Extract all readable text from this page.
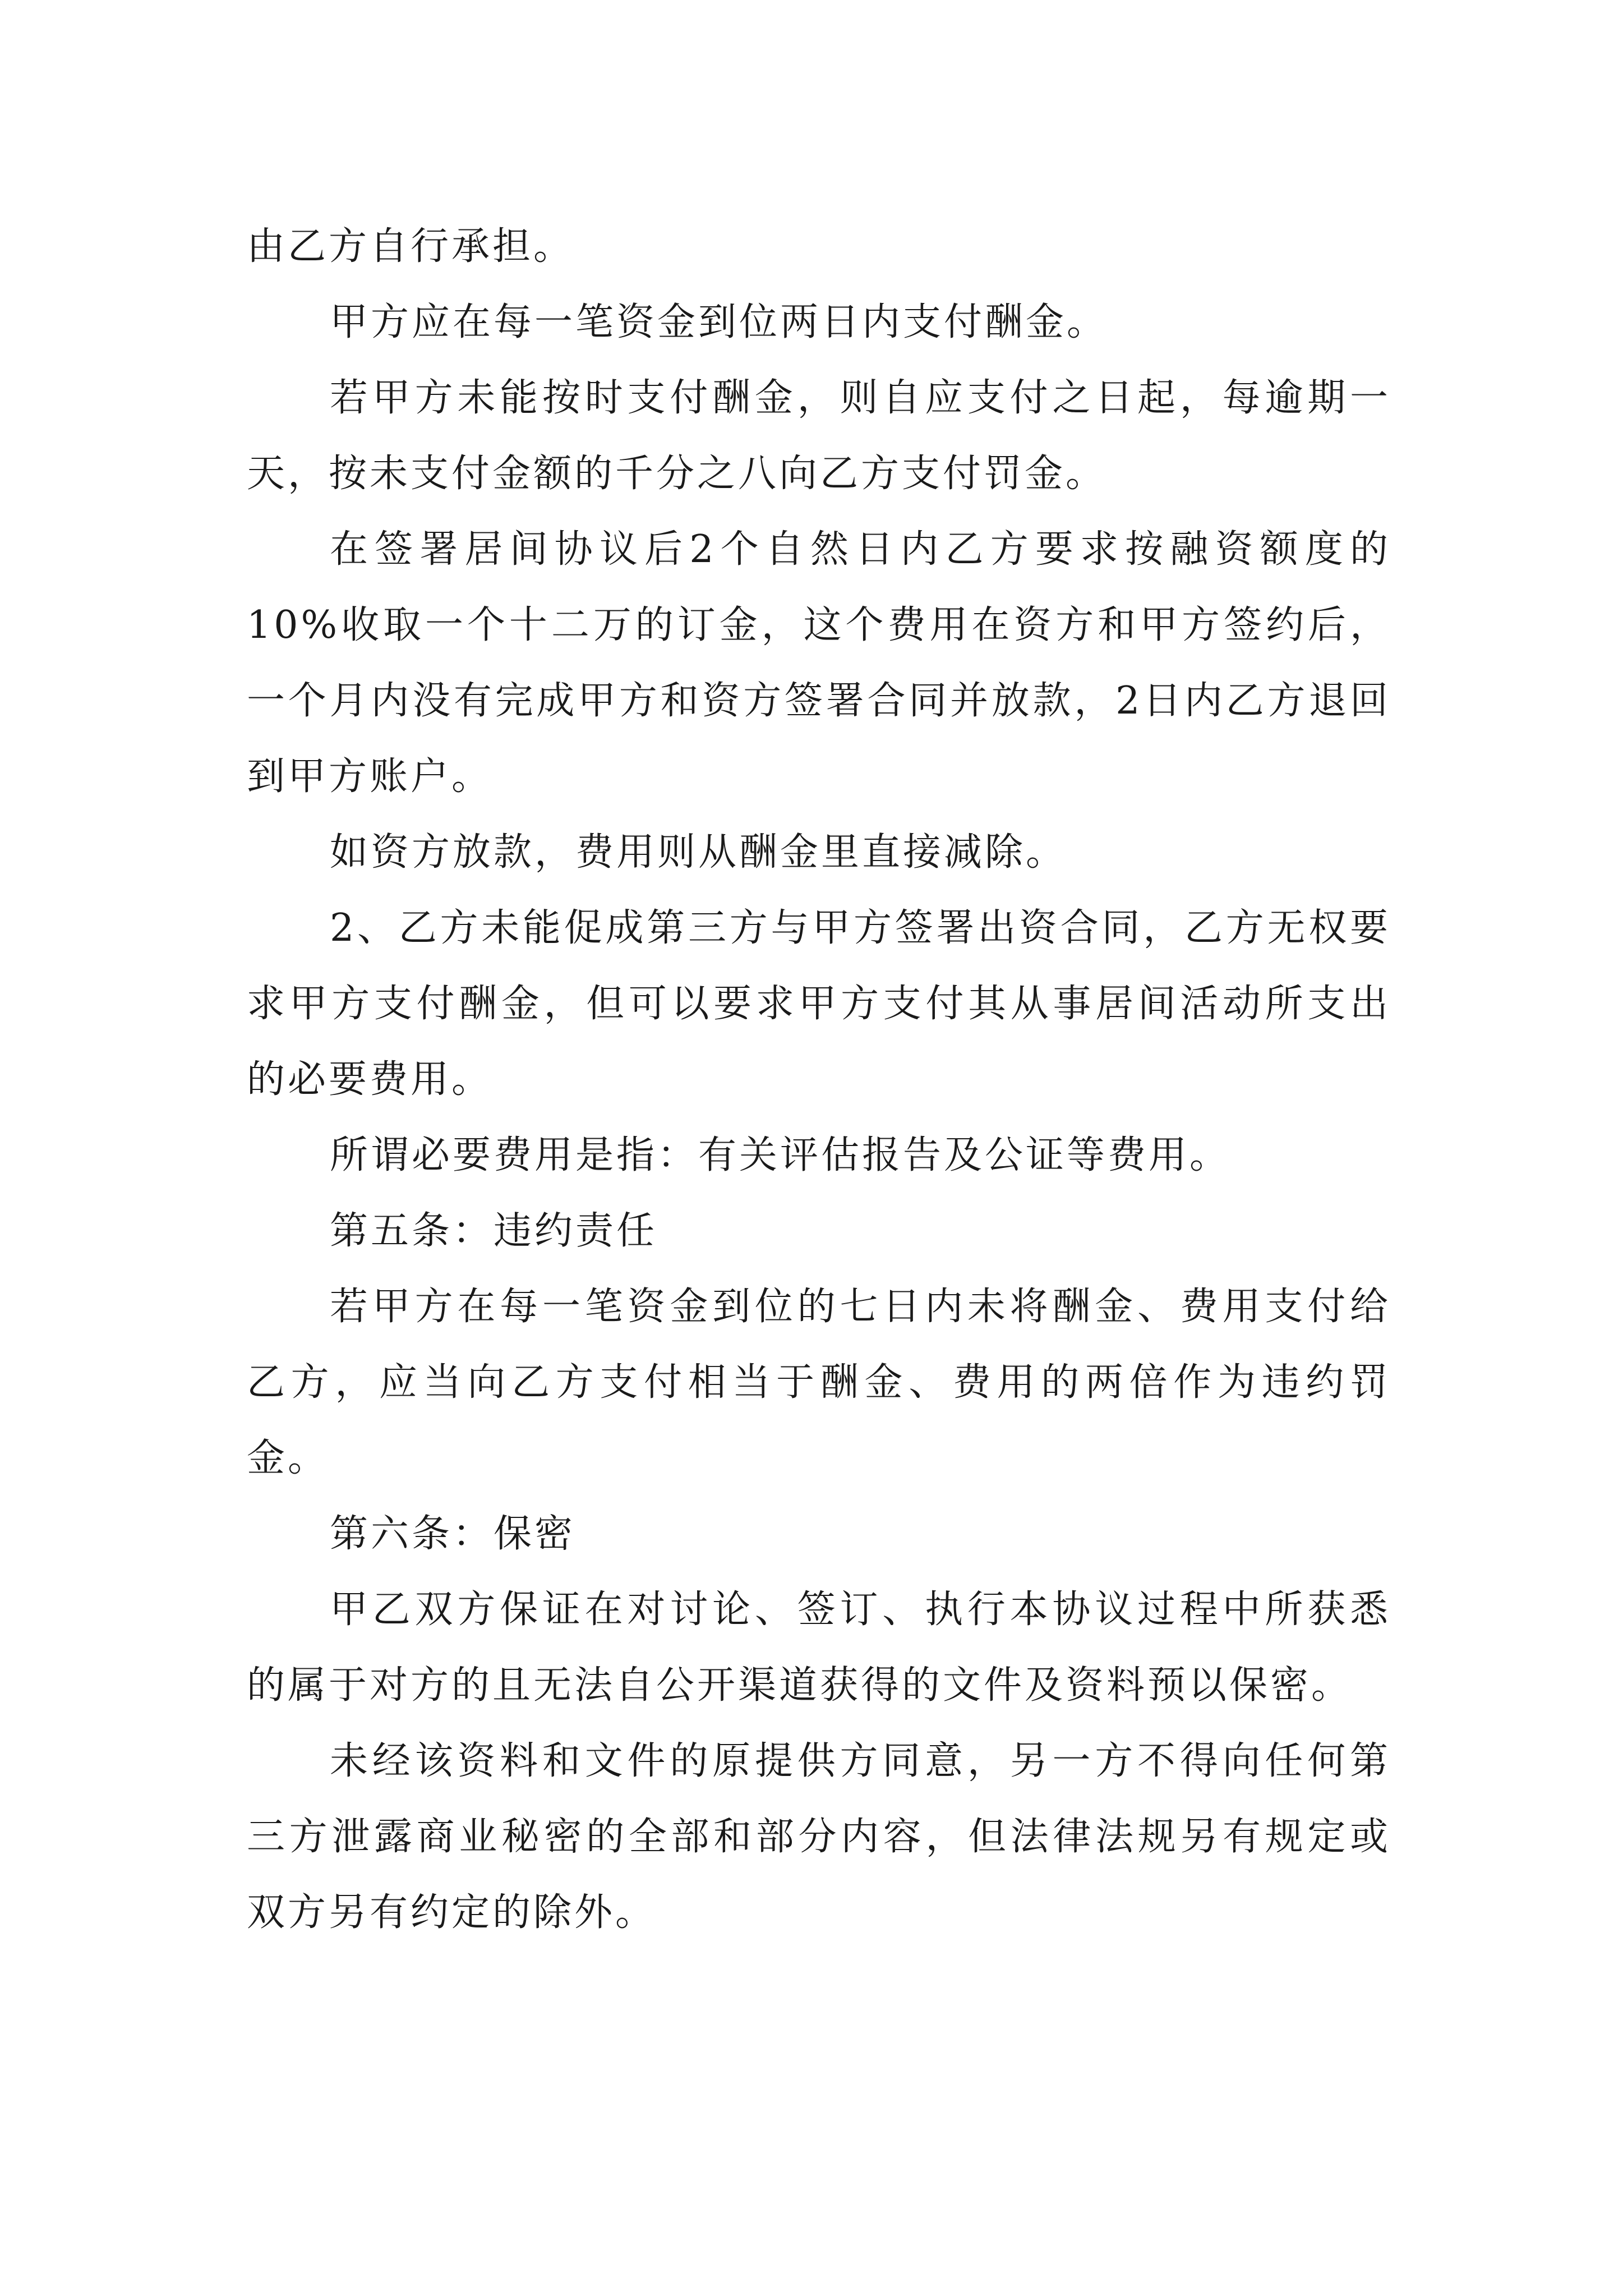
由乙方自行承担。

甲方应在每一笔资金到位两日内支付酬金。

若甲方未能按时支付酬金，则自应支付之日起，每逾期一天，按未支付金额的千分之八向乙方支付罚金。

在签署居间协议后2个自然日内乙方要求按融资额度的10%收取一个十二万的订金，这个费用在资方和甲方签约后，一个月内没有完成甲方和资方签署合同并放款，2日内乙方退回到甲方账户。

如资方放款，费用则从酬金里直接减除。

2、乙方未能促成第三方与甲方签署出资合同，乙方无权要求甲方支付酬金，但可以要求甲方支付其从事居间活动所支出的必要费用。

所谓必要费用是指：有关评估报告及公证等费用。

第五条：违约责任

若甲方在每一笔资金到位的七日内未将酬金、费用支付给乙方，应当向乙方支付相当于酬金、费用的两倍作为违约罚金。

第六条：保密

甲乙双方保证在对讨论、签订、执行本协议过程中所获悉的属于对方的且无法自公开渠道获得的文件及资料预以保密。

未经该资料和文件的原提供方同意，另一方不得向任何第三方泄露商业秘密的全部和部分内容，但法律法规另有规定或双方另有约定的除外。
